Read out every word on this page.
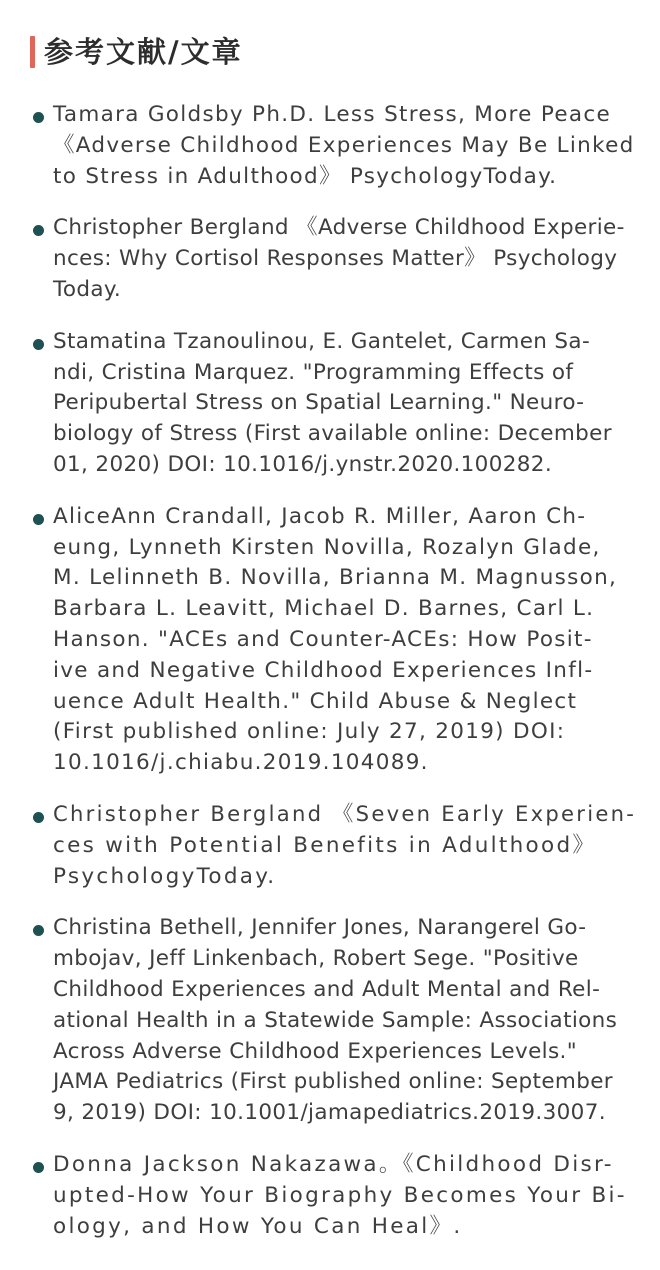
参考文献/文章
Tamara Goldsby Ph.D. Less Stress, More Peace
《Adverse Childhood Experiences May Be Linked
to Stress in Adulthood》 PsychologyToday.
Christopher Bergland 《Adverse Childhood Experie-
nces: Why Cortisol Responses Matter》 Psychology
Today.
Stamatina Tzanoulinou, E. Gantelet, Carmen Sa-
ndi, Cristina Marquez. "Programming Effects of
Peripubertal Stress on Spatial Learning." Neuro-
biology of Stress (First available online: December
01, 2020) DOI: 10.1016/j.ynstr.2020.100282.
AliceAnn Crandall, Jacob R. Miller, Aaron Ch-
eung, Lynneth Kirsten Novilla, Rozalyn Glade,
M. Lelinneth B. Novilla, Brianna M. Magnusson,
Barbara L. Leavitt, Michael D. Barnes, Carl L.
Hanson. "ACEs and Counter-ACEs: How Posit-
ive and Negative Childhood Experiences Infl-
uence Adult Health." Child Abuse & Neglect
(First published online: July 27, 2019) DOI:
10.1016/j.chiabu.2019.104089.
Christopher Bergland 《Seven Early Experien-
ces with Potential Benefits in Adulthood》
PsychologyToday.
Christina Bethell, Jennifer Jones, Narangerel Go-
mbojav, Jeff Linkenbach, Robert Sege. "Positive
Childhood Experiences and Adult Mental and Rel-
ational Health in a Statewide Sample: Associations
Across Adverse Childhood Experiences Levels."
JAMA Pediatrics (First published online: September
9, 2019) DOI: 10.1001/jamapediatrics.2019.3007.
Donna Jackson Nakazawa。《Childhood Disr-
upted-How Your Biography Becomes Your Bi-
ology, and How You Can Heal》.
